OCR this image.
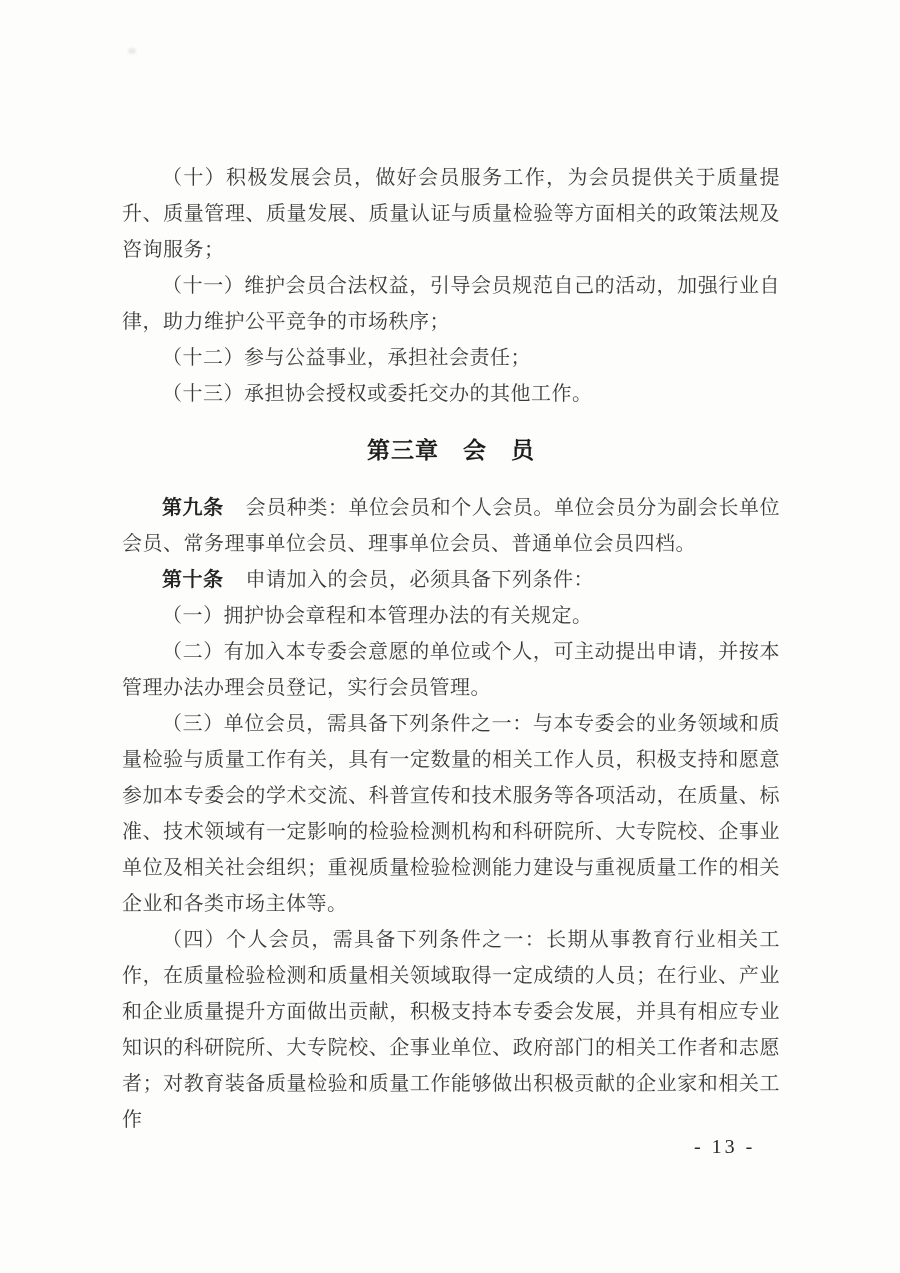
（十）积极发展会员，做好会员服务工作，为会员提供关于质量提升、质量管理、质量发展、质量认证与质量检验等方面相关的政策法规及咨询服务；

（十一）维护会员合法权益，引导会员规范自己的活动，加强行业自律，助力维护公平竞争的市场秩序；

（十二）参与公益事业，承担社会责任；

（十三）承担协会授权或委托交办的其他工作。

第三章　会　员

第九条 会员种类：单位会员和个人会员。单位会员分为副会长单位会员、常务理事单位会员、理事单位会员、普通单位会员四档。

第十条 申请加入的会员，必须具备下列条件：

（一）拥护协会章程和本管理办法的有关规定。

（二）有加入本专委会意愿的单位或个人，可主动提出申请，并按本管理办法办理会员登记，实行会员管理。

（三）单位会员，需具备下列条件之一：与本专委会的业务领域和质量检验与质量工作有关，具有一定数量的相关工作人员，积极支持和愿意参加本专委会的学术交流、科普宣传和技术服务等各项活动，在质量、标准、技术领域有一定影响的检验检测机构和科研院所、大专院校、企事业单位及相关社会组织；重视质量检验检测能力建设与重视质量工作的相关企业和各类市场主体等。

（四）个人会员，需具备下列条件之一：长期从事教育行业相关工作，在质量检验检测和质量相关领域取得一定成绩的人员；在行业、产业和企业质量提升方面做出贡献，积极支持本专委会发展，并具有相应专业知识的科研院所、大专院校、企事业单位、政府部门的相关工作者和志愿者；对教育装备质量检验和质量工作能够做出积极贡献的企业家和相关工作

- 13 -
